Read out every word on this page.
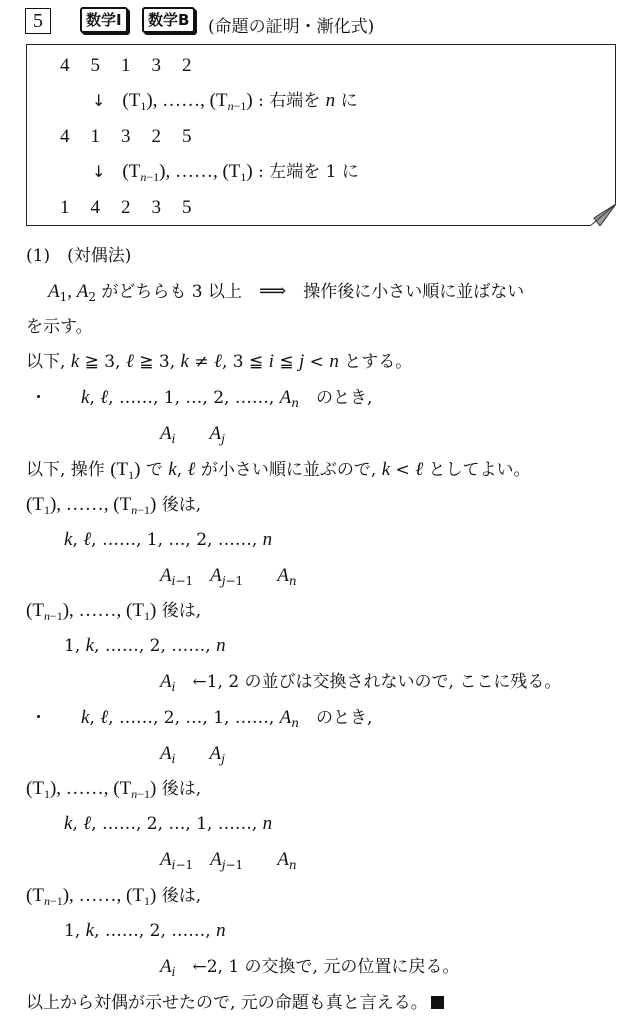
5	数学Ⅰ	数学B	(命題の証明・漸化式)
4　5　1　3　2
↓　 $(T_1)$, ……, $(T_{n-1})$ : 右端を n に
4　1　3　2　5
↓　 $(T_{n-1})$, ……, $(T_1)$ : 左端を 1 に
1　4　2　3　5
(1)　(対偶法)
$A_1$, $A_2$ がどちらも 3 以上　⟹　 操作後に小さい順に並ばない
を示す。
以下, k ≧ 3, ℓ ≧ 3, k ≠ ℓ, 3 ≦ i ≦ j < n とする。
・　　 k, ℓ, ……, 1, …, 2, ……, $A_n$　 のとき,
$A_i$　　 $A_j$
以下, 操作 $(T_1)$ で k, ℓ が小さい順に並ぶので, k < ℓ としてよい。
$(T_1)$, ……, $(T_{n-1})$ 後は,
k, ℓ, ……, 1, …, 2, ……, n
$A_{i-1}$　 $A_{j-1}$　　 $A_n$
$(T_{n-1})$, ……, $(T_1)$ 後は,
1, k, ……, 2, ……, n
$A_i$　 ←1, 2 の並びは交換されないので, ここに残る。
・　　 k, ℓ, ……, 2, …, 1, ……, $A_n$　 のとき,
$A_i$　　 $A_j$
$(T_1)$, ……, $(T_{n-1})$ 後は,
k, ℓ, ……, 2, …, 1, ……, n
$A_{i-1}$　 $A_{j-1}$　　 $A_n$
$(T_{n-1})$, ……, $(T_1)$ 後は,
1, k, ……, 2, ……, n
$A_i$　 ←2, 1 の交換で, 元の位置に戻る。
以上から対偶が示せたので, 元の命題も真と言える。
